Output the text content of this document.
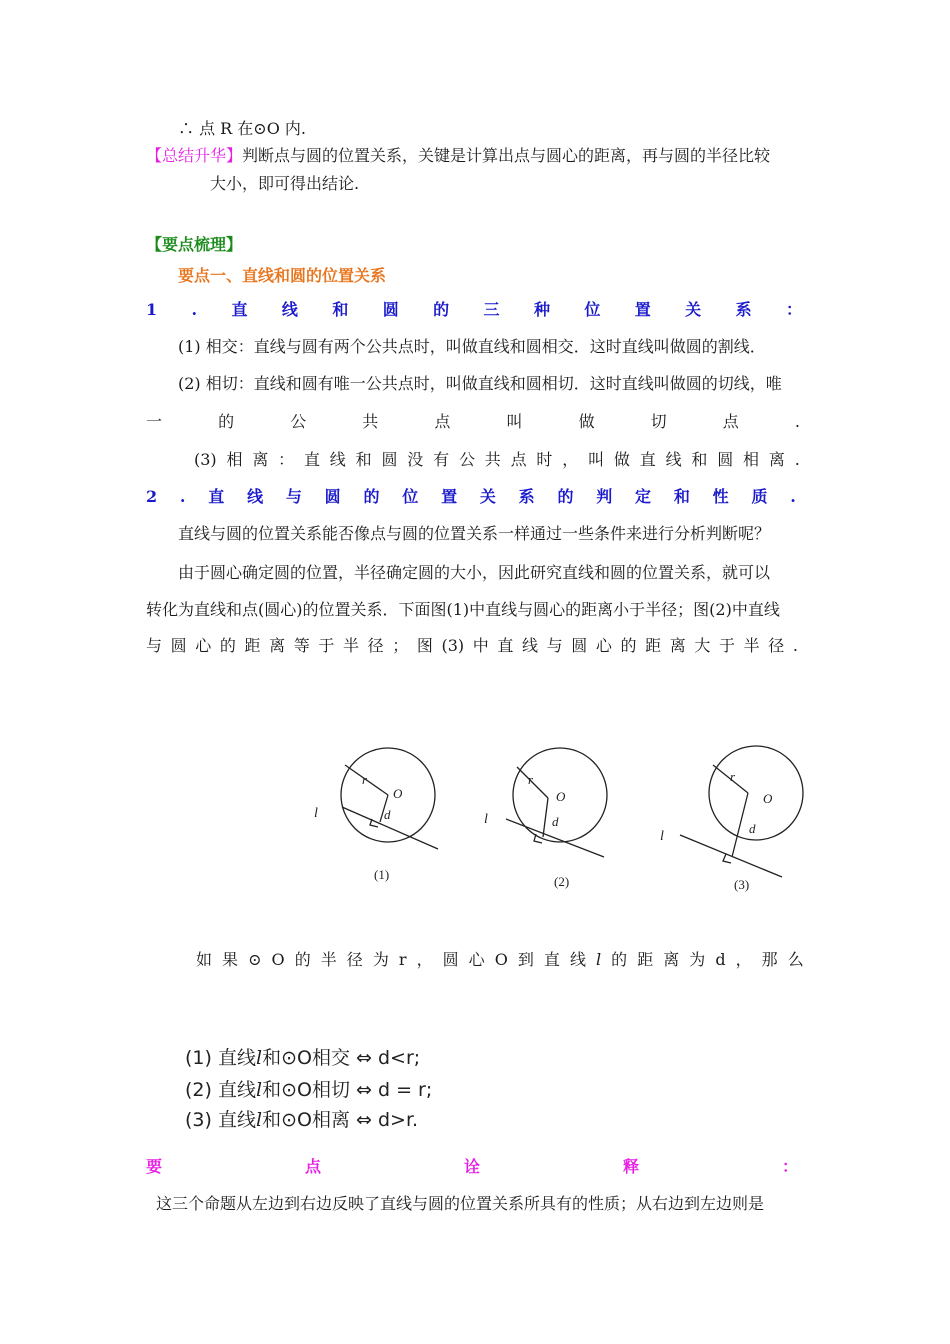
∴ 点 R 在⊙O 内.
【总结升华】判断点与圆的位置关系，关键是计算出点与圆心的距离，再与圆的半径比较
大小，即可得出结论.
【要点梳理】
要点一、直线和圆的位置关系
1 . 直 线 和 圆 的 三 种 位 置 关 系 ：
(1) 相交：直线与圆有两个公共点时，叫做直线和圆相交．这时直线叫做圆的割线．
(2) 相切：直线和圆有唯一公共点时，叫做直线和圆相切．这时直线叫做圆的切线，唯
一	的	公	共	点	叫	做	切	点	.
(3) 相 离 ： 直 线 和 圆 没 有 公 共 点 时 ， 叫 做 直 线 和 圆 相 离 .
2 . 直 线 与 圆 的 位 置 关 系 的 判 定 和 性 质 .
直线与圆的位置关系能否像点与圆的位置关系一样通过一些条件来进行分析判断呢？
由于圆心确定圆的位置，半径确定圆的大小，因此研究直线和圆的位置关系，就可以
转化为直线和点(圆心)的位置关系．下面图(1)中直线与圆心的距离小于半径；图(2)中直线
与 圆 心 的 距 离 等 于 半 径 ； 图 (3) 中 直 线 与 圆 心 的 距 离 大 于 半 径 .
r
O
d
l
(1)
r
O
d
l
(2)
r
O
d
l
(3)
如 果 ⊙ O 的 半 径 为 r ， 圆 心 O 到 直 线 l 的 距 离 为 d ， 那 么
(1) 直线l和⊙O相交 ⇔ d<r;
(2) 直线l和⊙O相切 ⇔ d = r;
(3) 直线l和⊙O相离 ⇔ d>r.
要	点	诠	释	：
这三个命题从左边到右边反映了直线与圆的位置关系所具有的性质；从右边到左边则是
